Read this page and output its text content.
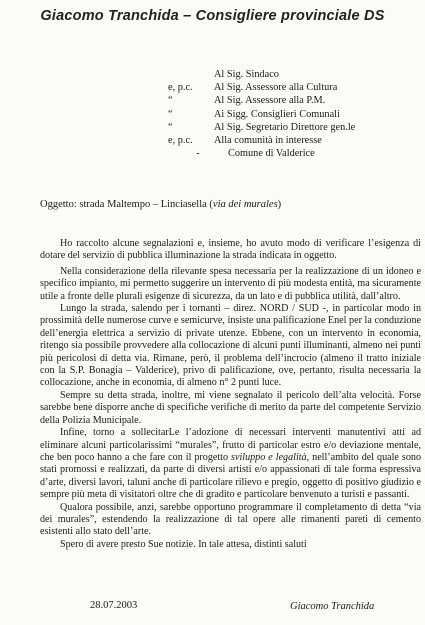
Giacomo Tranchida – Consigliere provinciale DS
Al Sig. Sindaco
e, p.c.	Al Sig. Assessore alla Cultura
“	Al Sig. Assessore alla P.M.
“	Ai Sigg. Consiglieri Comunali
“	Al Sig. Segretario Direttore gen.le
e, p.c.	Alla comunità in interesse
-	Comune di Valderice
Oggetto: strada Maltempo – Linciasella (via dei murales)

Ho raccolto alcune segnalazioni e, insieme, ho avuto modo di verificare l’esigenza di dotare del servizio di pubblica illuminazione la strada indicata in oggetto.

Nella considerazione della rilevante spesa necessaria per la realizzazione di un idoneo e specifico impianto, mi permetto suggerire un intervento di più modesta entità, ma sicuramente utile a fronte delle plurali esigenze di sicurezza, da un lato e di pubblica utilità, dall’altro.

Lungo la strada, salendo per i tornanti – direz. NORD / SUD -, in particolar modo in prossimità delle numerose curve e semicurve, insiste una palificazione Enel per la conduzione dell’energia elettrica a servizio di private utenze. Ebbene, con un intervento in economia, ritengo sia possibile provvedere alla collocazione di alcuni punti illuminanti, almeno nei punti più pericolosi di detta via. Rimane, però, il problema dell’incrocio (almeno il tratto iniziale con la S.P. Bonagia – Valderice), privo di palificazione, ove, pertanto, risulta necessaria la collocazione, anche in economia, di almeno n° 2 punti luce.

Sempre su detta strada, inoltre, mi viene segnalato il pericolo dell’alta velocità. Forse sarebbe bene disporre anche di specifiche verifiche di merito da parte del competente Servizio della Polizia Municipale.

Infine, torno a sollecitarLe l’adozione di necessari interventi manutentivi atti ad eliminare alcuni particolarissimi “murales”, frutto di particolar estro e/o deviazione mentale, che ben poco hanno a che fare con il progetto sviluppo e legalità, nell’ambito del quale sono stati promossi e realizzati, da parte di diversi artisti e/o appassionati di tale forma espressiva d’arte, diversi lavori, taluni anche di particolare rilievo e pregio, oggetto di positivo giudizio e sempre più meta di visitatori oltre che di gradito e particolare benvenuto a turisti e passanti.

Qualora possibile, anzi, sarebbe opportuno programmare il completamento di detta “via dei murales”, estendendo la realizzazione di tal opere alle rimanenti pareti di cemento esistenti allo stato dell’arte.

Spero di avere presto Sue notizie. In tale attesa, distinti saluti

28.07.2003	Giacomo Tranchida
